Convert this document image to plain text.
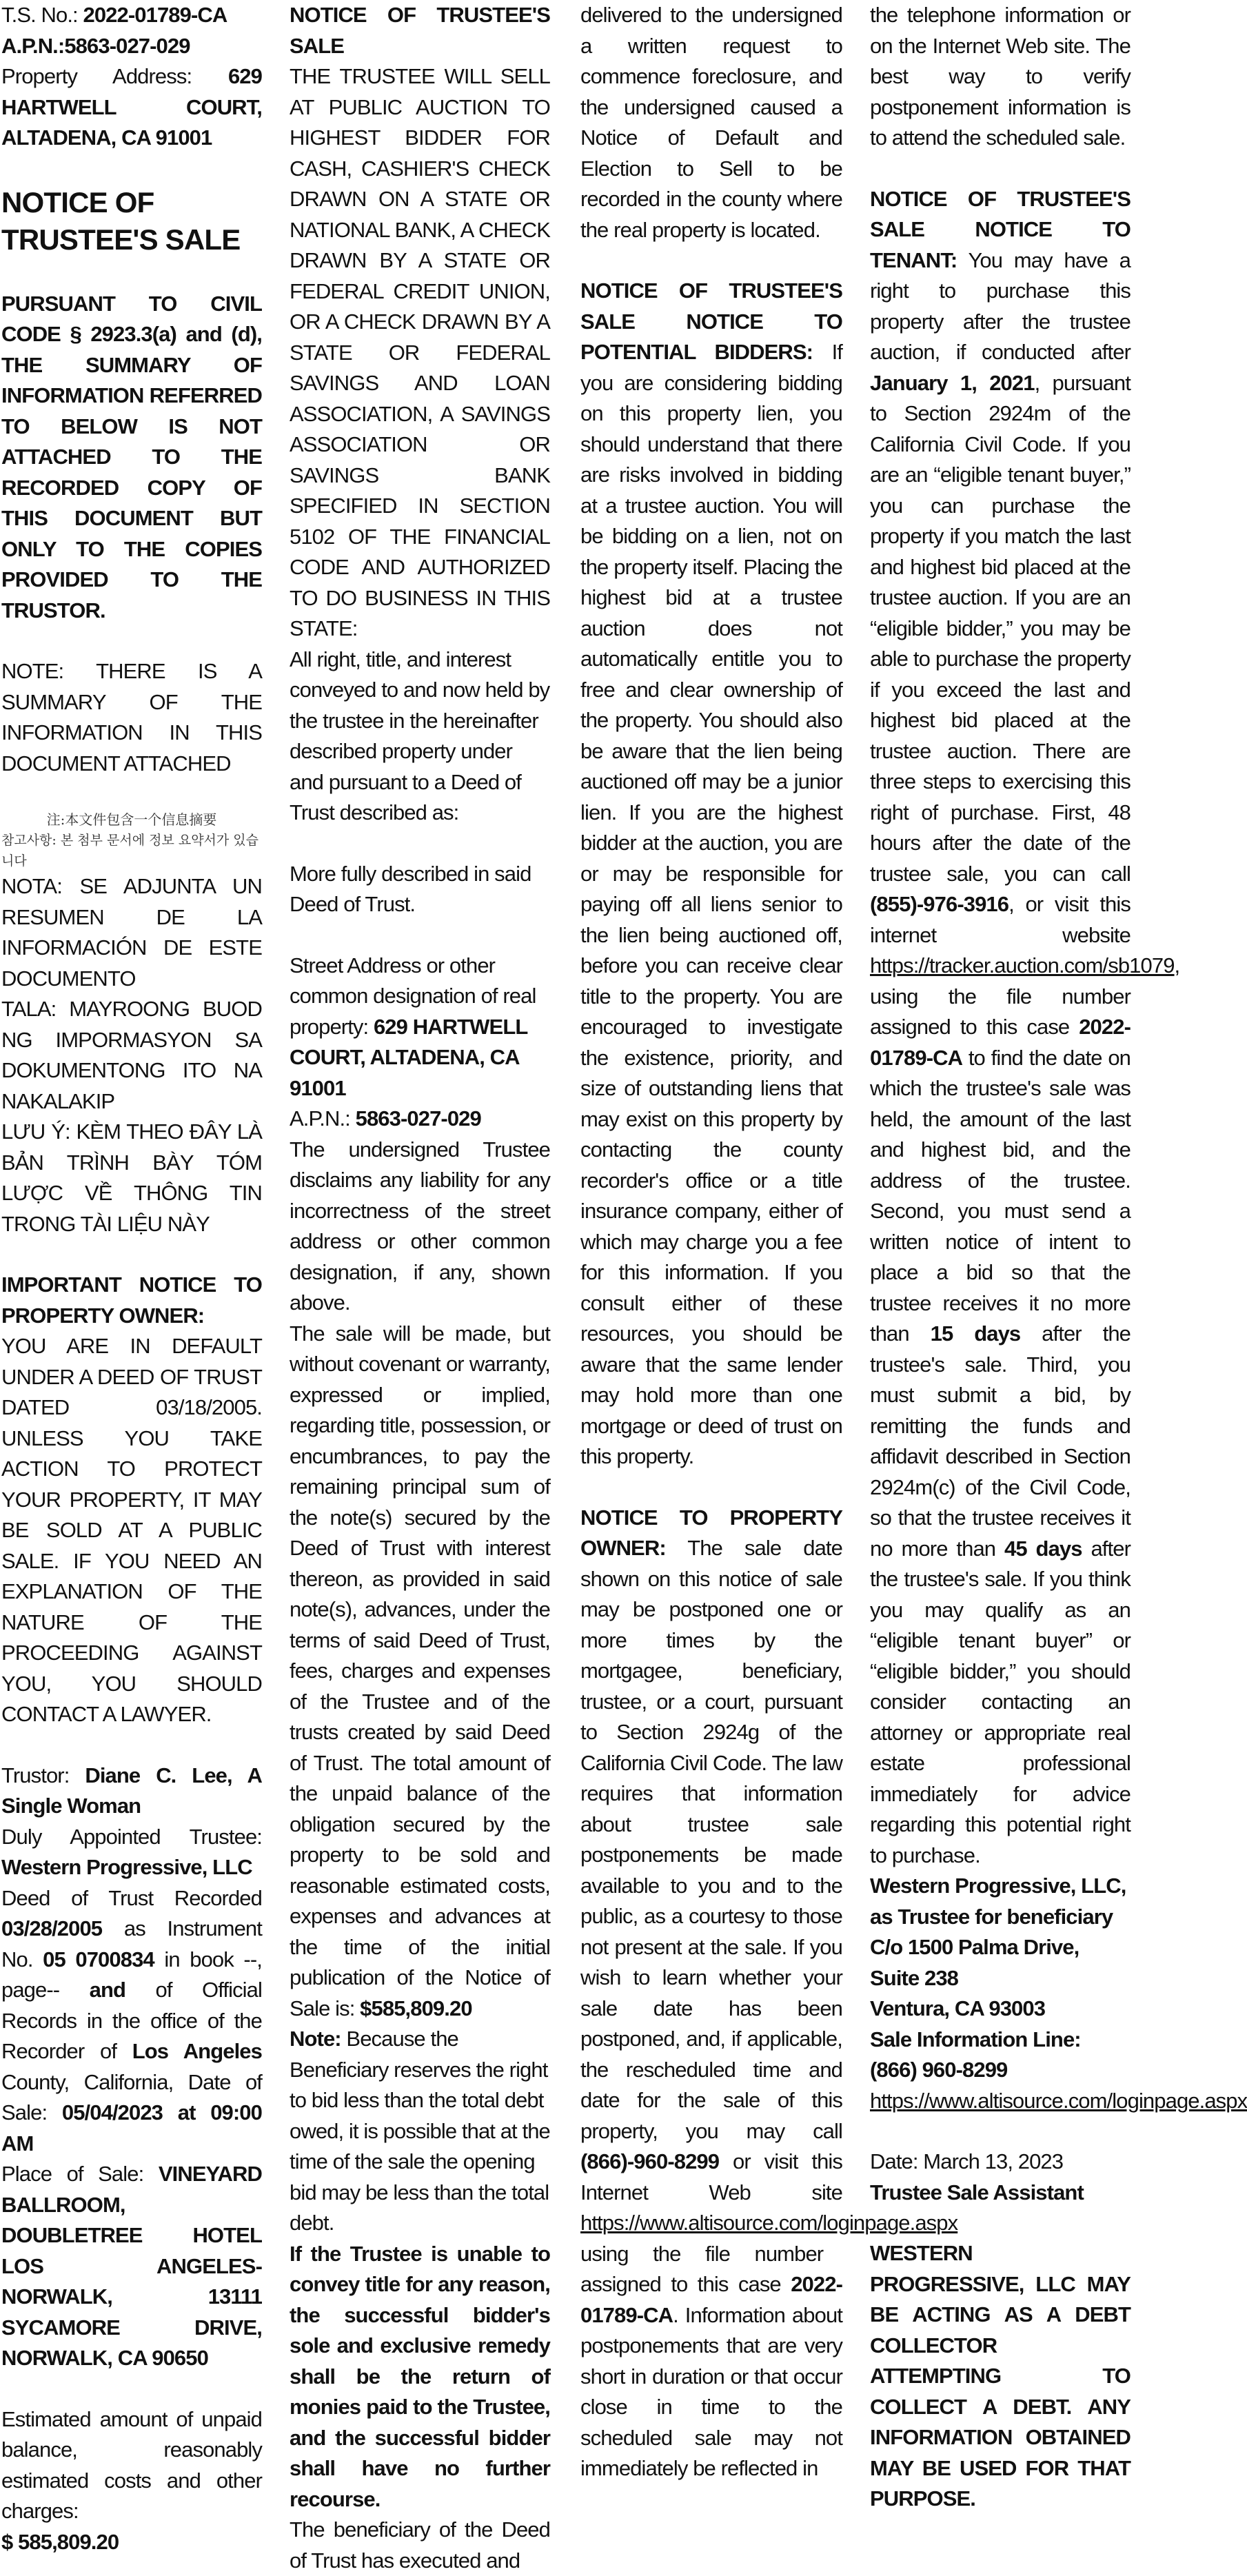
T.S. No.: 2022-01789-CA

A.P.N.:5863-027-029

Property Address: 629 HARTWELL COURT, ALTADENA, CA 91001

NOTICE OF TRUSTEE'S SALE

PURSUANT TO CIVIL CODE § 2923.3(a) and (d), THE SUMMARY OF INFORMATION REFERRED TO BELOW IS NOT ATTACHED TO THE RECORDED COPY OF THIS DOCUMENT BUT ONLY TO THE COPIES PROVIDED TO THE TRUSTOR.

NOTE: THERE IS A SUMMARY OF THE INFORMATION IN THIS DOCUMENT ATTACHED

注:本文件包含一个信息摘要

참고사항: 본 첨부 문서에 정보 요약서가 있습니다

NOTA: SE ADJUNTA UN RESUMEN DE LA INFORMACIÓN DE ESTE DOCUMENTO

TALA: MAYROONG BUOD NG IMPORMASYON SA DOKUMENTONG ITO NA NAKALAKIP

LƯU Ý: KÈM THEO ĐÂY LÀ BẢN TRÌNH BÀY TÓM LƯỢC VỀ THÔNG TIN TRONG TÀI LIỆU NÀY

IMPORTANT NOTICE TO PROPERTY OWNER:

YOU ARE IN DEFAULT UNDER A DEED OF TRUST DATED 03/18/2005. UNLESS YOU TAKE ACTION TO PROTECT YOUR PROPERTY, IT MAY BE SOLD AT A PUBLIC SALE. IF YOU NEED AN EXPLANATION OF THE NATURE OF THE PROCEEDING AGAINST YOU, YOU SHOULD CONTACT A LAWYER.

Trustor: Diane C. Lee, A Single Woman

Duly Appointed Trustee: Western Progressive, LLC

Deed of Trust Recorded 03/28/2005 as Instrument No. 05 0700834 in book --, page-- and of Official Records in the office of the Recorder of Los Angeles County, California, Date of Sale: 05/04/2023 at 09:00 AM

Place of Sale: VINEYARD BALLROOM, DOUBLETREE HOTEL LOS ANGELES-NORWALK, 13111 SYCAMORE DRIVE, NORWALK, CA 90650

Estimated amount of unpaid balance, reasonably estimated costs and other charges:

$ 585,809.20

NOTICE OF TRUSTEE'S SALE

THE TRUSTEE WILL SELL AT PUBLIC AUCTION TO HIGHEST BIDDER FOR CASH, CASHIER'S CHECK DRAWN ON A STATE OR NATIONAL BANK, A CHECK DRAWN BY A STATE OR FEDERAL CREDIT UNION, OR A CHECK DRAWN BY A STATE OR FEDERAL SAVINGS AND LOAN ASSOCIATION, A SAVINGS ASSOCIATION OR SAVINGS BANK SPECIFIED IN SECTION 5102 OF THE FINANCIAL CODE AND AUTHORIZED TO DO BUSINESS IN THIS STATE:

All right, title, and interest conveyed to and now held by the trustee in the hereinafter described property under and pursuant to a Deed of Trust described as:

More fully described in said Deed of Trust.

Street Address or other common designation of real property: 629 HARTWELL COURT, ALTADENA, CA 91001

A.P.N.: 5863-027-029

The undersigned Trustee disclaims any liability for any incorrectness of the street address or other common designation, if any, shown above.

The sale will be made, but without covenant or warranty, expressed or implied, regarding title, possession, or encumbrances, to pay the remaining principal sum of the note(s) secured by the Deed of Trust with interest thereon, as provided in said note(s), advances, under the terms of said Deed of Trust, fees, charges and expenses of the Trustee and of the trusts created by said Deed of Trust. The total amount of the unpaid balance of the obligation secured by the property to be sold and reasonable estimated costs, expenses and advances at the time of the initial publication of the Notice of Sale is: $585,809.20

Note: Because the Beneficiary reserves the right to bid less than the total debt owed, it is possible that at the time of the sale the opening bid may be less than the total debt.

If the Trustee is unable to convey title for any reason, the successful bidder's sole and exclusive remedy shall be the return of monies paid to the Trustee, and the successful bidder shall have no further recourse.

The beneficiary of the Deed of Trust has executed and

delivered to the undersigned a written request to commence foreclosure, and the undersigned caused a Notice of Default and Election to Sell to be recorded in the county where the real property is located.

NOTICE OF TRUSTEE'S SALE NOTICE TO POTENTIAL BIDDERS: If you are considering bidding on this property lien, you should understand that there are risks involved in bidding at a trustee auction. You will be bidding on a lien, not on the property itself. Placing the highest bid at a trustee auction does not automatically entitle you to free and clear ownership of the property. You should also be aware that the lien being auctioned off may be a junior lien. If you are the highest bidder at the auction, you are or may be responsible for paying off all liens senior to the lien being auctioned off, before you can receive clear title to the property. You are encouraged to investigate the existence, priority, and size of outstanding liens that may exist on this property by contacting the county recorder's office or a title insurance company, either of which may charge you a fee for this information. If you consult either of these resources, you should be aware that the same lender may hold more than one mortgage or deed of trust on this property.

NOTICE TO PROPERTY OWNER: The sale date shown on this notice of sale may be postponed one or more times by the mortgagee, beneficiary, trustee, or a court, pursuant to Section 2924g of the California Civil Code. The law requires that information about trustee sale postponements be made available to you and to the public, as a courtesy to those not present at the sale. If you wish to learn whether your sale date has been postponed, and, if applicable, the rescheduled time and date for the sale of this property, you may call (866)-960-8299 or visit this Internet Web site https://www.altisource.com/loginpage.aspx using the file number assigned to this case 2022-01789-CA. Information about postponements that are very short in duration or that occur close in time to the scheduled sale may not immediately be reflected in

the telephone information or on the Internet Web site. The best way to verify postponement information is to attend the scheduled sale.

NOTICE OF TRUSTEE'S SALE NOTICE TO TENANT: You may have a right to purchase this property after the trustee auction, if conducted after January 1, 2021, pursuant to Section 2924m of the California Civil Code. If you are an “eligible tenant buyer,” you can purchase the property if you match the last and highest bid placed at the trustee auction. If you are an “eligible bidder,” you may be able to purchase the property if you exceed the last and highest bid placed at the trustee auction. There are three steps to exercising this right of purchase. First, 48 hours after the date of the trustee sale, you can call (855)-976-3916, or visit this internet website https://tracker.auction.com/sb1079, using the file number assigned to this case 2022-01789-CA to find the date on which the trustee's sale was held, the amount of the last and highest bid, and the address of the trustee. Second, you must send a written notice of intent to place a bid so that the trustee receives it no more than 15 days after the trustee's sale. Third, you must submit a bid, by remitting the funds and affidavit described in Section 2924m(c) of the Civil Code, so that the trustee receives it no more than 45 days after the trustee's sale. If you think you may qualify as an “eligible tenant buyer” or “eligible bidder,” you should consider contacting an attorney or appropriate real estate professional immediately for advice regarding this potential right to purchase.

Western Progressive, LLC, as Trustee for beneficiary

C/o 1500 Palma Drive, Suite 238

Ventura, CA 93003

Sale Information Line: (866) 960-8299

https://www.altisource.com/loginpage.aspx

Date: March 13, 2023

Trustee Sale Assistant

WESTERN PROGRESSIVE, LLC MAY BE ACTING AS A DEBT COLLECTOR ATTEMPTING TO COLLECT A DEBT. ANY INFORMATION OBTAINED MAY BE USED FOR THAT PURPOSE.
